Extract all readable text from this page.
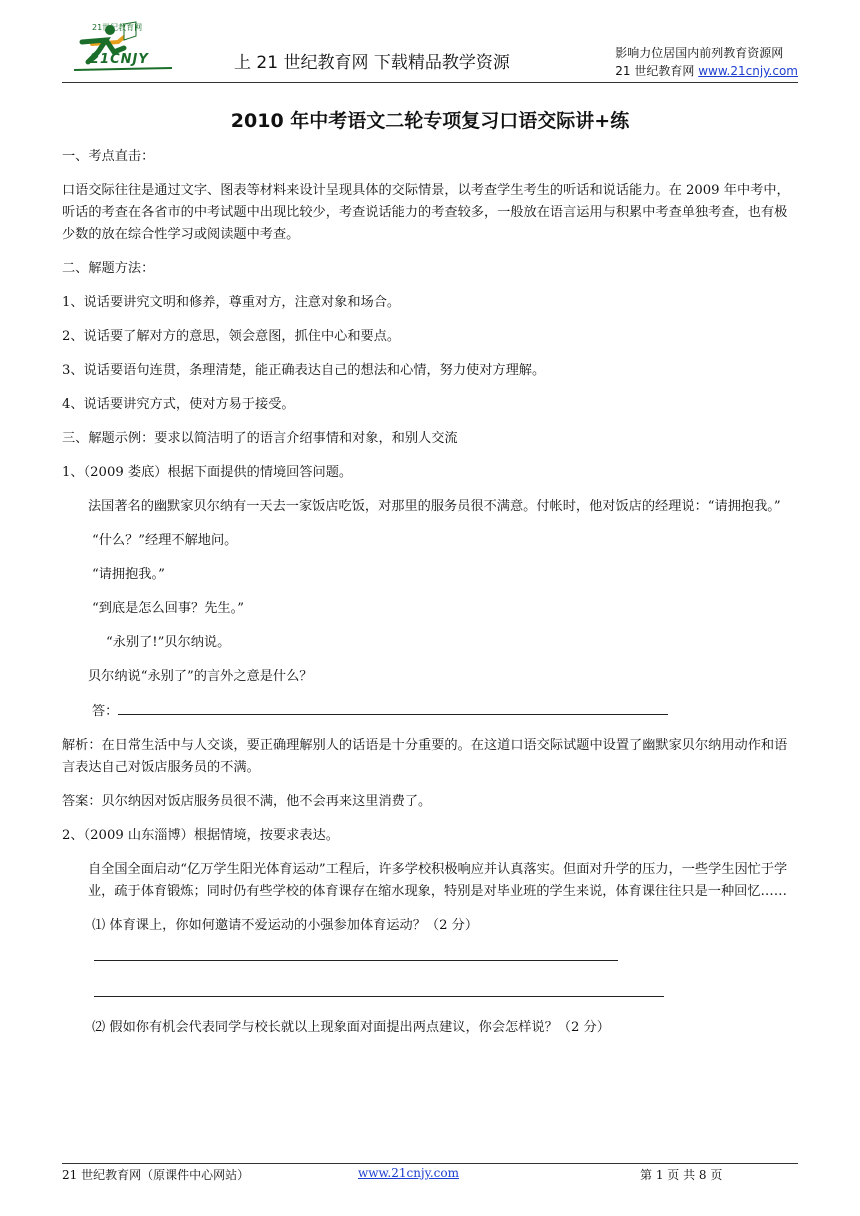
21世纪教育网
21CNJY	上 21 世纪教育网 下载精品教学资源	影响力位居国内前列教育资源网
21 世纪教育网 www.21cnjy.com
2010 年中考语文二轮专项复习口语交际讲+练
一、考点直击：
口语交际往往是通过文字、图表等材料来设计呈现具体的交际情景，以考查学生考生的听话和说话能力。在 2009 年中考中，听话的考查在各省市的中考试题中出现比较少，考查说话能力的考查较多，一般放在语言运用与积累中考查单独考查，也有极少数的放在综合性学习或阅读题中考查。
二、解题方法：
1、说话要讲究文明和修养，尊重对方，注意对象和场合。
2、说话要了解对方的意思，领会意图，抓住中心和要点。
3、说话要语句连贯，条理清楚，能正确表达自己的想法和心情，努力使对方理解。
4、说话要讲究方式，使对方易于接受。
三、解题示例：要求以简洁明了的语言介绍事情和对象，和别人交流
1、（2009 娄底）根据下面提供的情境回答问题。
法国著名的幽默家贝尔纳有一天去一家饭店吃饭，对那里的服务员很不满意。付帐时，他对饭店的经理说：“请拥抱我。”
“什么？”经理不解地问。
“请拥抱我。”
“到底是怎么回事？先生。”
“永别了!”贝尔纳说。
贝尔纳说“永别了”的言外之意是什么？
答：
解析：在日常生活中与人交谈，要正确理解别人的话语是十分重要的。在这道口语交际试题中设置了幽默家贝尔纳用动作和语言表达自己对饭店服务员的不满。
答案：贝尔纳因对饭店服务员很不满，他不会再来这里消费了。
2、（2009 山东淄博）根据情境，按要求表达。
自全国全面启动“亿万学生阳光体育运动”工程后，许多学校积极响应并认真落实。但面对升学的压力，一些学生因忙于学业，疏于体育锻炼；同时仍有些学校的体育课存在缩水现象，特别是对毕业班的学生来说，体育课往往只是一种回忆……
⑴ 体育课上，你如何邀请不爱运动的小强参加体育运动？（2 分）
⑵ 假如你有机会代表同学与校长就以上现象面对面提出两点建议，你会怎样说？（2 分）
21 世纪教育网（原课件中心网站）	www.21cnjy.com	第 1 页 共 8 页
